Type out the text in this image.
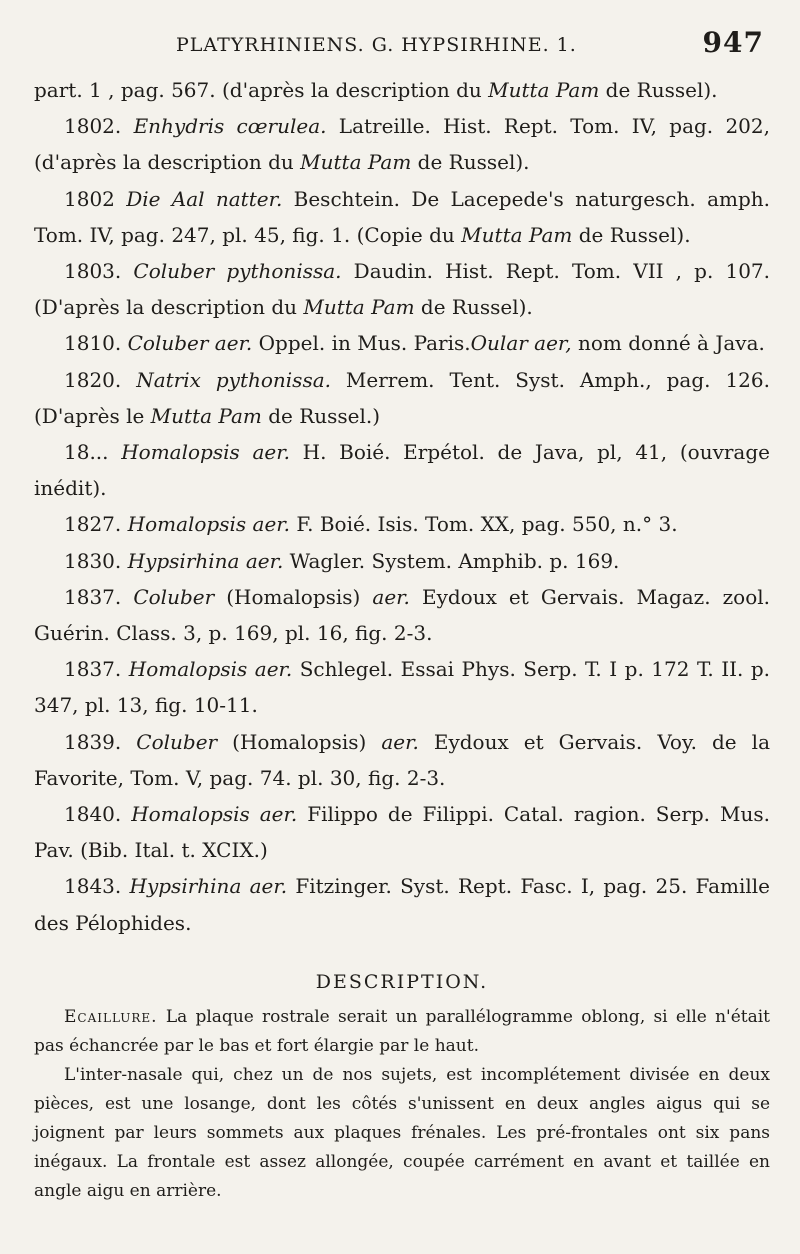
PLATYRHINIENS. G. HYPSIRHINE. 1.	947

part. 1 , pag. 567. (d'après la description du Mutta Pam de Russel).

1802. Enhydris cœrulea. Latreille. Hist. Rept. Tom. IV, pag. 202, (d'après la description du Mutta Pam de Russel).

1802 Die Aal natter. Beschtein. De Lacepede's naturgesch. amph. Tom. IV, pag. 247, pl. 45, fig. 1. (Copie du Mutta Pam de Russel).

1803. Coluber pythonissa. Daudin. Hist. Rept. Tom. VII , p. 107. (D'après la description du Mutta Pam de Russel).

1810. Coluber aer. Oppel. in Mus. Paris.Oular aer, nom donné à Java.

1820. Natrix pythonissa. Merrem. Tent. Syst. Amph., pag. 126. (D'après le Mutta Pam de Russel.)

18... Homalopsis aer. H. Boié. Erpétol. de Java, pl, 41, (ouvrage inédit).

1827. Homalopsis aer. F. Boié. Isis. Tom. XX, pag. 550, n.° 3.

1830. Hypsirhina aer. Wagler. System. Amphib. p. 169.

1837. Coluber (Homalopsis) aer. Eydoux et Gervais. Magaz. zool. Guérin. Class. 3, p. 169, pl. 16, fig. 2-3.

1837. Homalopsis aer. Schlegel. Essai Phys. Serp. T. I p. 172 T. II. p. 347, pl. 13, fig. 10-11.

1839. Coluber (Homalopsis) aer. Eydoux et Gervais. Voy. de la Favorite, Tom. V, pag. 74. pl. 30, fig. 2-3.

1840. Homalopsis aer. Filippo de Filippi. Catal. ragion. Serp. Mus. Pav. (Bib. Ital. t. XCIX.)

1843. Hypsirhina aer. Fitzinger. Syst. Rept. Fasc. I, pag. 25. Famille des Pélophides.

DESCRIPTION.

Ecaillure. La plaque rostrale serait un parallélogramme oblong, si elle n'était pas échancrée par le bas et fort élargie par le haut.

L'inter-nasale qui, chez un de nos sujets, est incomplétement divisée en deux pièces, est une losange, dont les côtés s'unissent en deux angles aigus qui se joignent par leurs sommets aux plaques frénales. Les pré-frontales ont six pans inégaux. La frontale est assez allongée, coupée carrément en avant et taillée en angle aigu en arrière.
